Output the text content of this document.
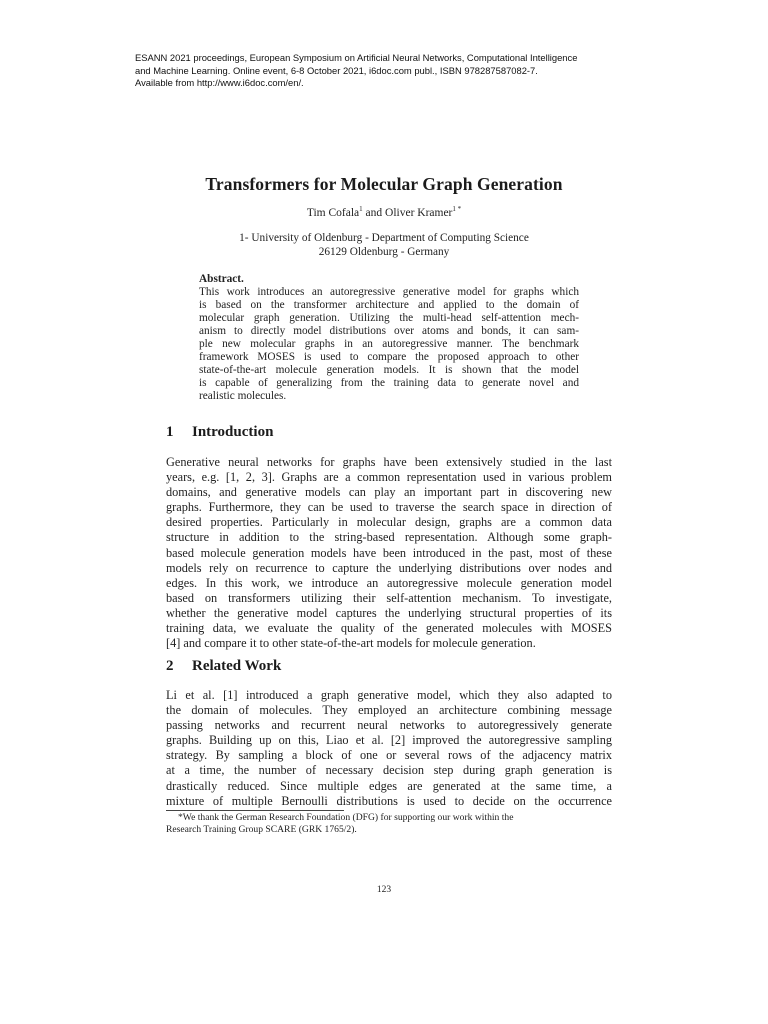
ESANN 2021 proceedings, European Symposium on Artificial Neural Networks, Computational Intelligence
and Machine Learning. Online event, 6-8 October 2021, i6doc.com publ., ISBN 978287587082-7.
Available from http://www.i6doc.com/en/.
Transformers for Molecular Graph Generation
Tim Cofala$^1$ and Oliver Kramer$^{1 *}$
1- University of Oldenburg - Department of Computing Science
26129 Oldenburg - Germany
Abstract.
This work introduces an autoregressive generative model for graphs which
is based on the transformer architecture and applied to the domain of
molecular graph generation. Utilizing the multi-head self-attention mech-
anism to directly model distributions over atoms and bonds, it can sam-
ple new molecular graphs in an autoregressive manner. The benchmark
framework MOSES is used to compare the proposed approach to other
state-of-the-art molecule generation models. It is shown that the model
is capable of generalizing from the training data to generate novel and
realistic molecules.
1 Introduction
Generative neural networks for graphs have been extensively studied in the last
years, e.g. [1, 2, 3]. Graphs are a common representation used in various problem
domains, and generative models can play an important part in discovering new
graphs. Furthermore, they can be used to traverse the search space in direction of
desired properties. Particularly in molecular design, graphs are a common data
structure in addition to the string-based representation. Although some graph-
based molecule generation models have been introduced in the past, most of these
models rely on recurrence to capture the underlying distributions over nodes and
edges. In this work, we introduce an autoregressive molecule generation model
based on transformers utilizing their self-attention mechanism. To investigate,
whether the generative model captures the underlying structural properties of its
training data, we evaluate the quality of the generated molecules with MOSES
[4] and compare it to other state-of-the-art models for molecule generation.
2 Related Work
Li et al. [1] introduced a graph generative model, which they also adapted to
the domain of molecules. They employed an architecture combining message
passing networks and recurrent neural networks to autoregressively generate
graphs. Building up on this, Liao et al. [2] improved the autoregressive sampling
strategy. By sampling a block of one or several rows of the adjacency matrix
at a time, the number of necessary decision step during graph generation is
drastically reduced. Since multiple edges are generated at the same time, a
mixture of multiple Bernoulli distributions is used to decide on the occurrence
*We thank the German Research Foundation (DFG) for supporting our work within the
Research Training Group SCARE (GRK 1765/2).
123
